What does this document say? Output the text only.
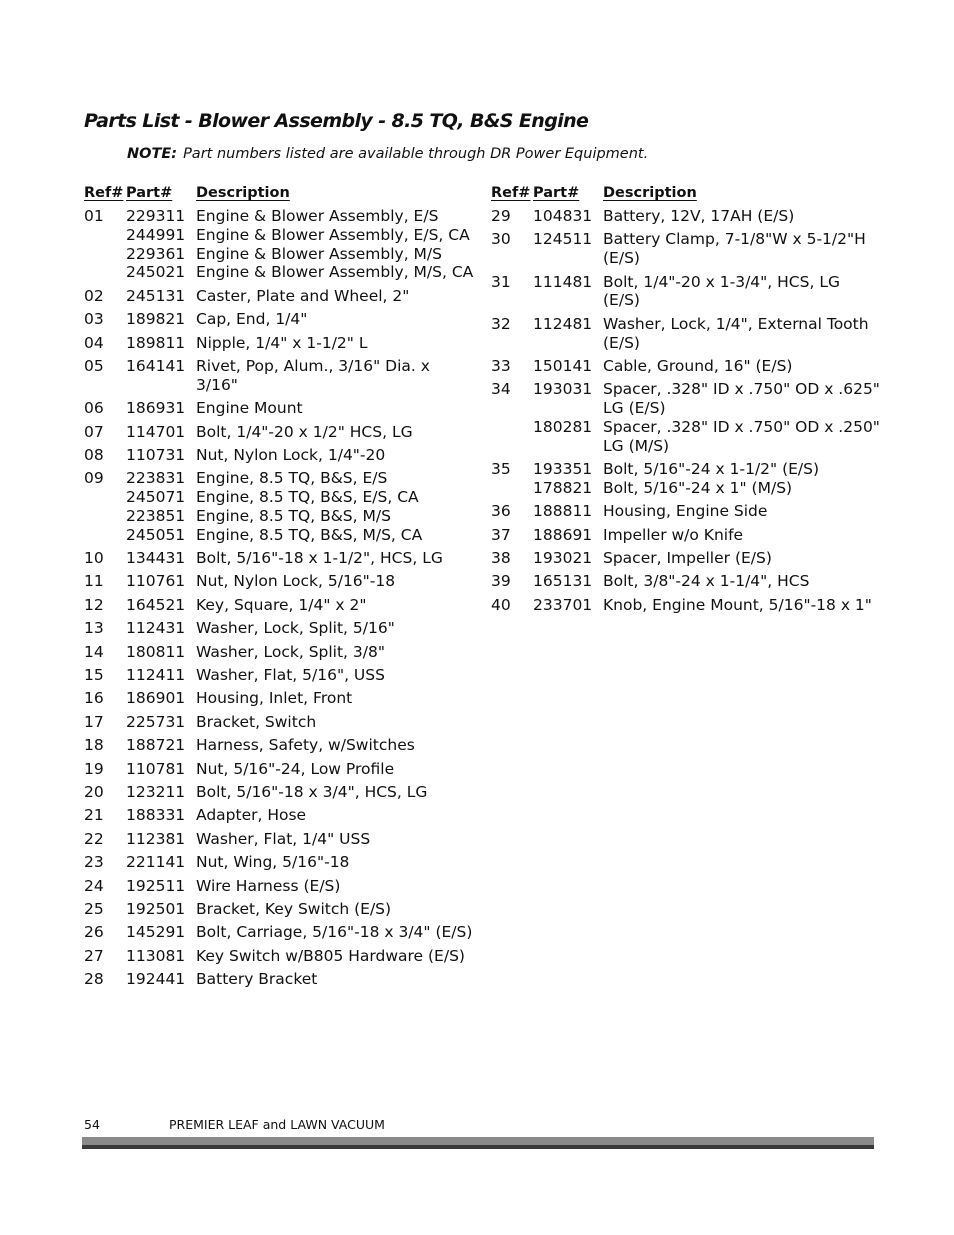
Parts List - Blower Assembly - 8.5 TQ, B&S Engine
NOTE: Part numbers listed are available through DR Power Equipment.
Ref# Part# Description
01 229311 Engine & Blower Assembly, E/S
244991 Engine & Blower Assembly, E/S, CA
229361 Engine & Blower Assembly, M/S
245021 Engine & Blower Assembly, M/S, CA
02 245131 Caster, Plate and Wheel, 2"
03 189821 Cap, End, 1/4"
04 189811 Nipple, 1/4" x 1-1/2" L
05 164141 Rivet, Pop, Alum., 3/16" Dia. x 3/16"
06 186931 Engine Mount
07 114701 Bolt, 1/4"-20 x 1/2" HCS, LG
08 110731 Nut, Nylon Lock, 1/4"-20
09 223831 Engine, 8.5 TQ, B&S, E/S
245071 Engine, 8.5 TQ, B&S, E/S, CA
223851 Engine, 8.5 TQ, B&S, M/S
245051 Engine, 8.5 TQ, B&S, M/S, CA
10 134431 Bolt, 5/16"-18 x 1-1/2", HCS, LG
11 110761 Nut, Nylon Lock, 5/16"-18
12 164521 Key, Square, 1/4" x 2"
13 112431 Washer, Lock, Split, 5/16"
14 180811 Washer, Lock, Split, 3/8"
15 112411 Washer, Flat, 5/16", USS
16 186901 Housing, Inlet, Front
17 225731 Bracket, Switch
18 188721 Harness, Safety, w/Switches
19 110781 Nut, 5/16"-24, Low Profile
20 123211 Bolt, 5/16"-18 x 3/4", HCS, LG
21 188331 Adapter, Hose
22 112381 Washer, Flat, 1/4" USS
23 221141 Nut, Wing, 5/16"-18
24 192511 Wire Harness (E/S)
25 192501 Bracket, Key Switch (E/S)
26 145291 Bolt, Carriage, 5/16"-18 x 3/4" (E/S)
27 113081 Key Switch w/B805 Hardware (E/S)
28 192441 Battery Bracket
Ref# Part# Description
29 104831 Battery, 12V, 17AH (E/S)
30 124511 Battery Clamp, 7-1/8"W x 5-1/2"H
(E/S)
31 111481 Bolt, 1/4"-20 x 1-3/4", HCS, LG (E/S)
32 112481 Washer, Lock, 1/4", External Tooth
(E/S)
33 150141 Cable, Ground, 16" (E/S)
34 193031 Spacer, .328" ID x .750" OD x .625"
LG (E/S)
180281 Spacer, .328" ID x .750" OD x .250"
LG (M/S)
35 193351 Bolt, 5/16"-24 x 1-1/2" (E/S)
178821 Bolt, 5/16"-24 x 1" (M/S)
36 188811 Housing, Engine Side
37 188691 Impeller w/o Knife
38 193021 Spacer, Impeller (E/S)
39 165131 Bolt, 3/8"-24 x 1-1/4", HCS
40 233701 Knob, Engine Mount, 5/16"-18 x 1"
54	PREMIER LEAF and LAWN VACUUM
